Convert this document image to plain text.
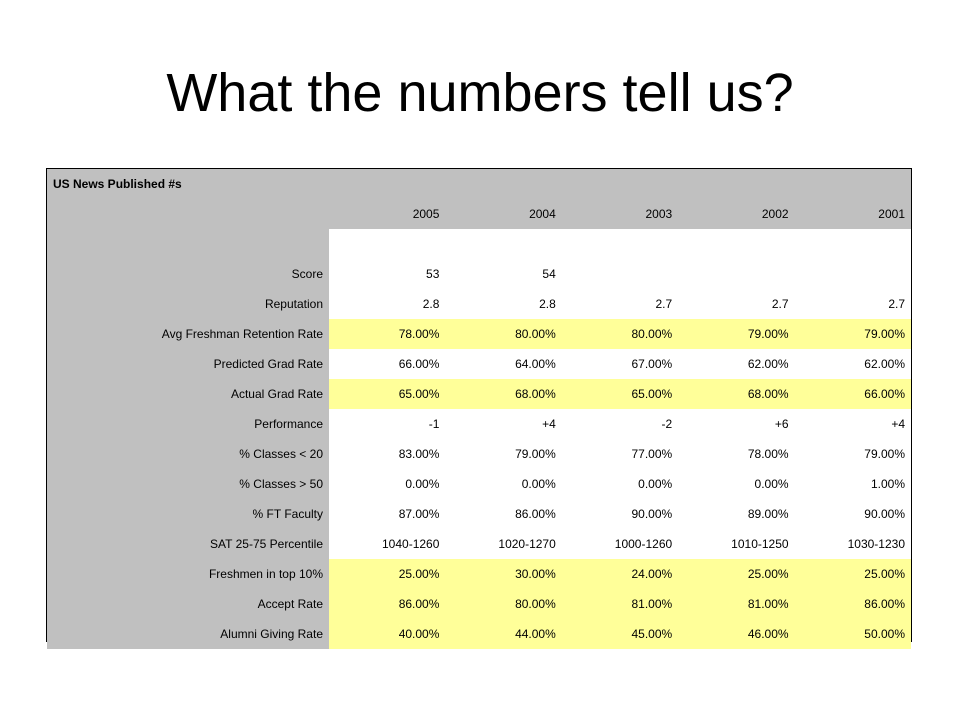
What the numbers tell us?
US News Published #s					
	2005	2004	2003	2002	2001

Score	53	54			
Reputation	2.8	2.8	2.7	2.7	2.7
Avg Freshman Retention Rate	78.00%	80.00%	80.00%	79.00%	79.00%
Predicted Grad Rate	66.00%	64.00%	67.00%	62.00%	62.00%
Actual Grad Rate	65.00%	68.00%	65.00%	68.00%	66.00%
Performance	-1	+4	-2	+6	+4
% Classes < 20	83.00%	79.00%	77.00%	78.00%	79.00%
% Classes > 50	0.00%	0.00%	0.00%	0.00%	1.00%
% FT Faculty	87.00%	86.00%	90.00%	89.00%	90.00%
SAT 25-75 Percentile	1040-1260	1020-1270	1000-1260	1010-1250	1030-1230
Freshmen in top 10%	25.00%	30.00%	24.00%	25.00%	25.00%
Accept Rate	86.00%	80.00%	81.00%	81.00%	86.00%
Alumni Giving Rate	40.00%	44.00%	45.00%	46.00%	50.00%
